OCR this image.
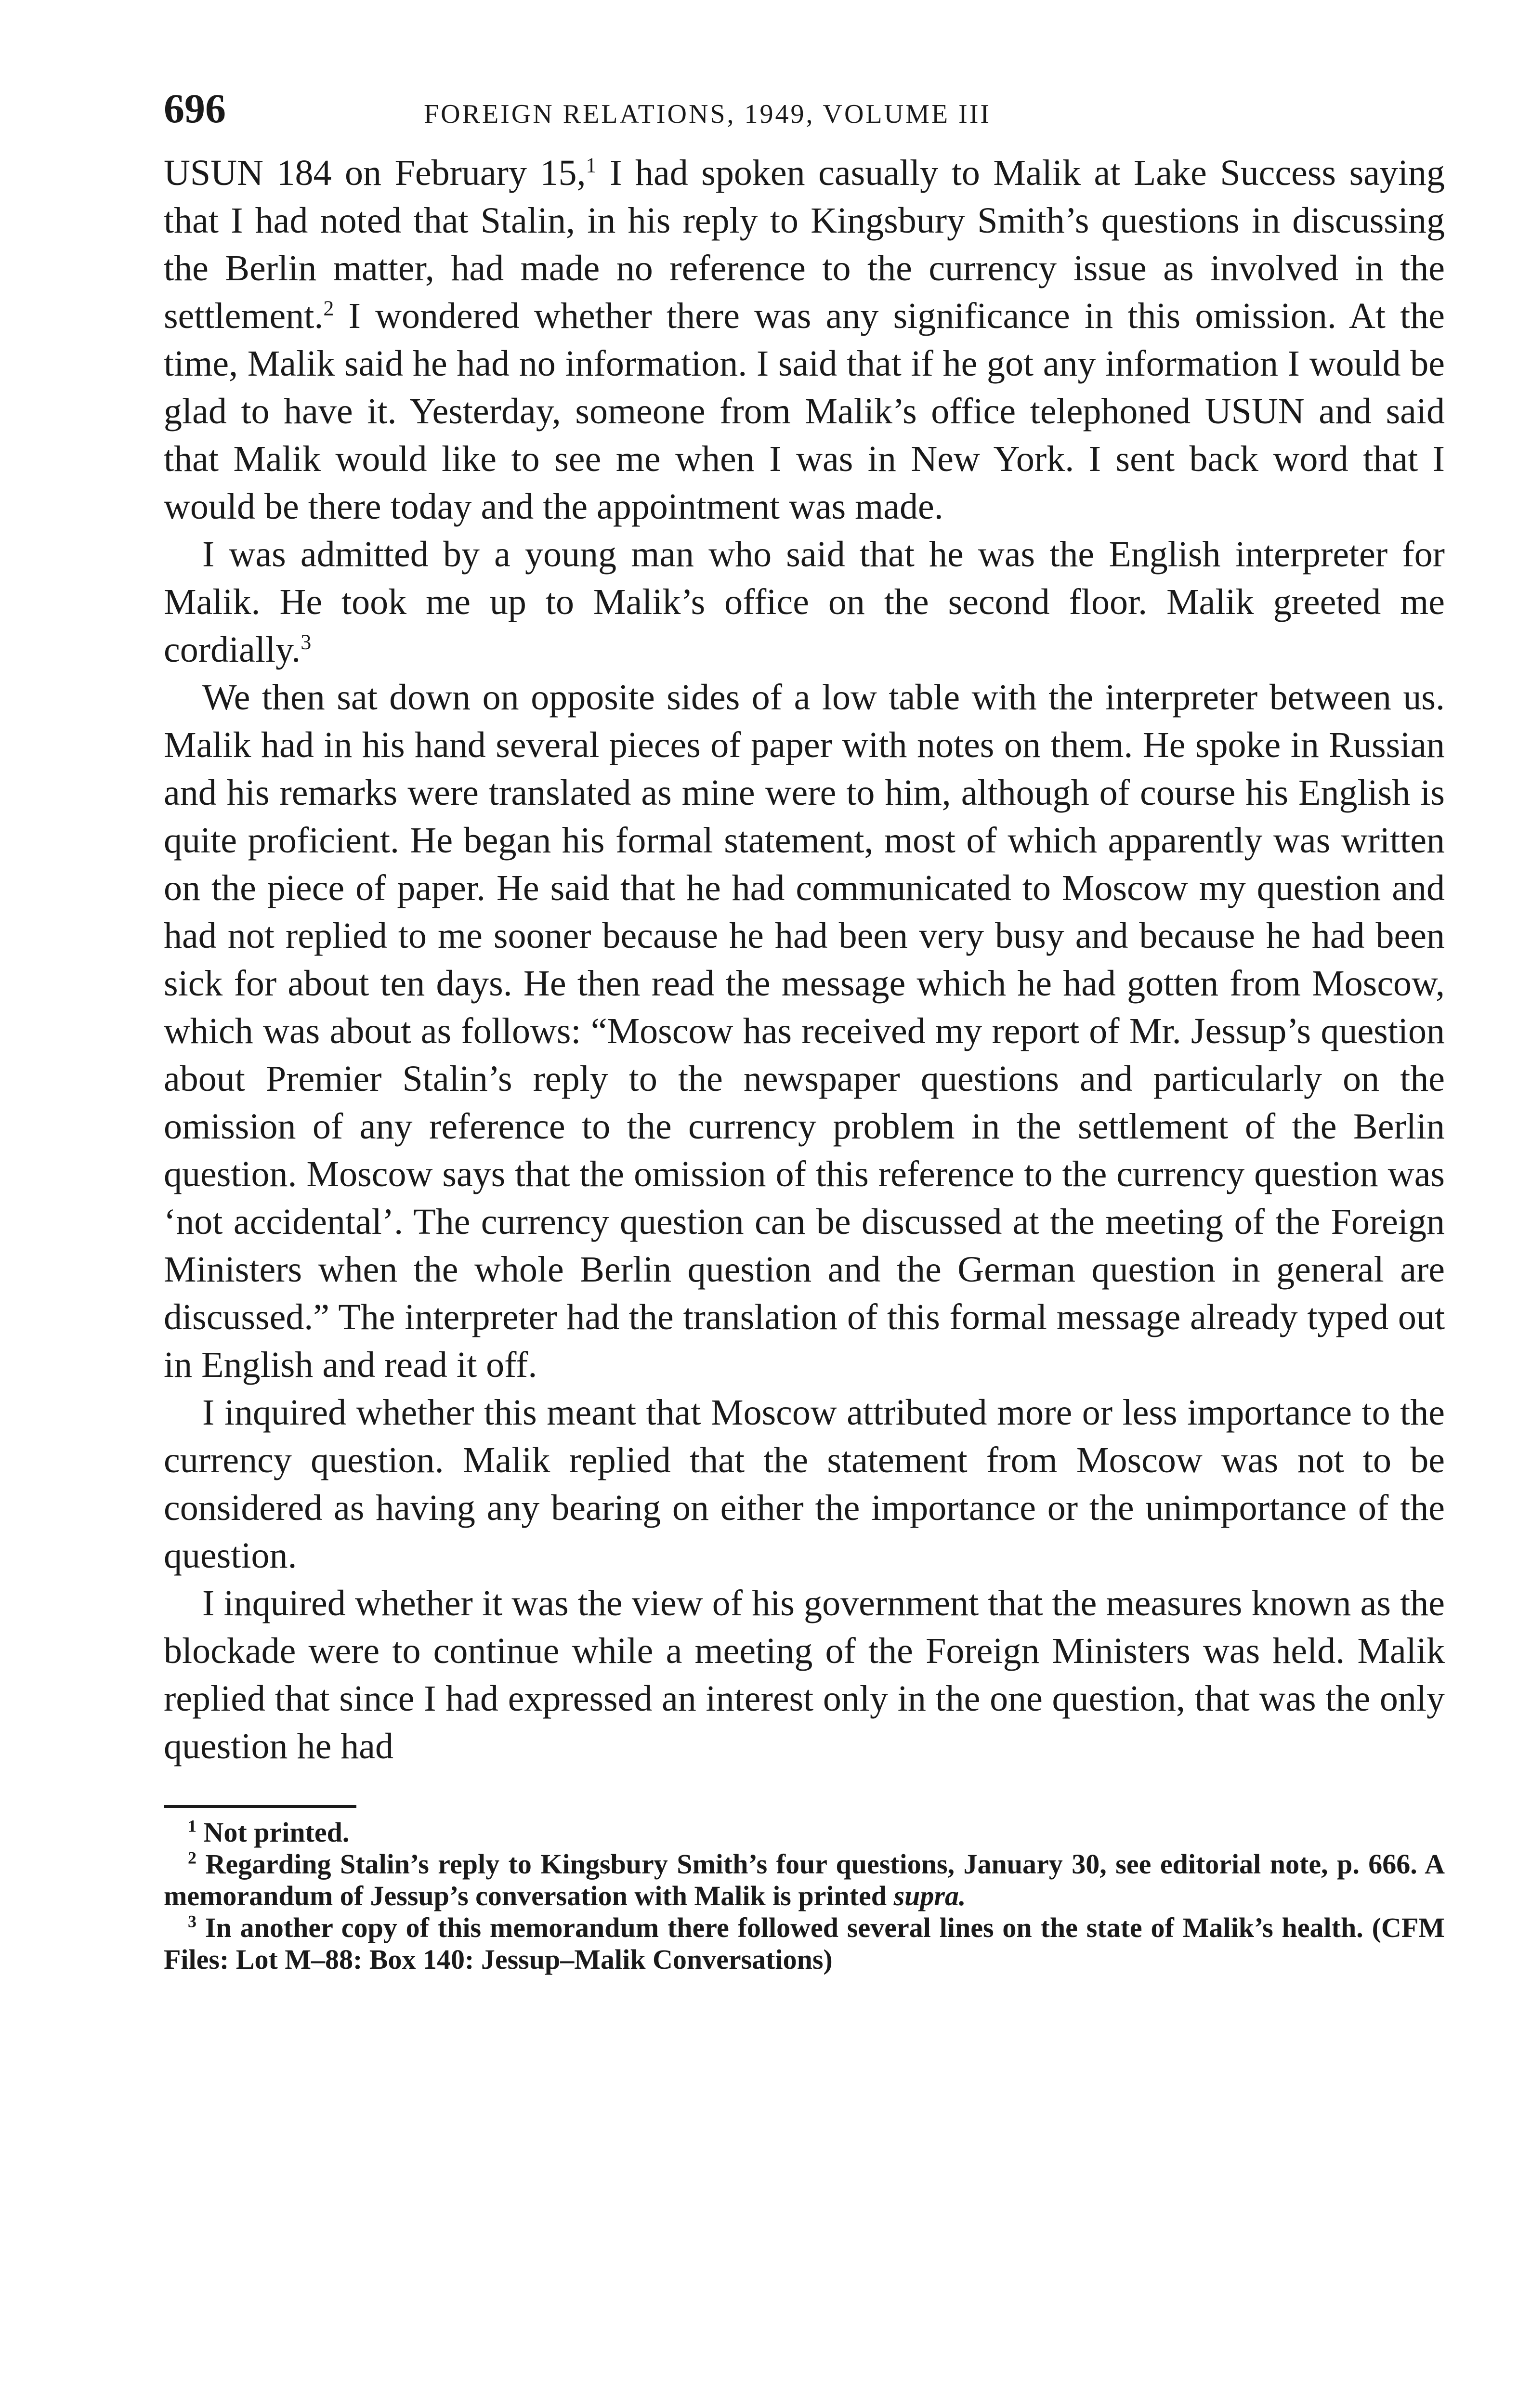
696	FOREIGN RELATIONS, 1949, VOLUME III

USUN 184 on February 15,$^1$ I had spoken casually to Malik at Lake Success saying that I had noted that Stalin, in his reply to Kingsbury Smith’s questions in discussing the Berlin matter, had made no reference to the currency issue as involved in the settlement.$^2$ I wondered whether there was any significance in this omission. At the time, Malik said he had no information. I said that if he got any information I would be glad to have it. Yesterday, someone from Malik’s office telephoned USUN and said that Malik would like to see me when I was in New York. I sent back word that I would be there today and the appointment was made.

I was admitted by a young man who said that he was the English interpreter for Malik. He took me up to Malik’s office on the second floor. Malik greeted me cordially.$^3$

We then sat down on opposite sides of a low table with the interpreter between us. Malik had in his hand several pieces of paper with notes on them. He spoke in Russian and his remarks were translated as mine were to him, although of course his English is quite proficient. He began his formal statement, most of which apparently was written on the piece of paper. He said that he had communicated to Moscow my question and had not replied to me sooner because he had been very busy and because he had been sick for about ten days. He then read the message which he had gotten from Moscow, which was about as follows: “Moscow has received my report of Mr. Jessup’s question about Premier Stalin’s reply to the newspaper questions and particularly on the omission of any reference to the currency problem in the settlement of the Berlin question. Moscow says that the omission of this reference to the currency question was ‘not accidental’. The currency question can be discussed at the meeting of the Foreign Ministers when the whole Berlin question and the German question in general are discussed.” The interpreter had the translation of this formal message already typed out in English and read it off.

I inquired whether this meant that Moscow attributed more or less importance to the currency question. Malik replied that the statement from Moscow was not to be considered as having any bearing on either the importance or the unimportance of the question.

I inquired whether it was the view of his government that the measures known as the blockade were to continue while a meeting of the Foreign Ministers was held. Malik replied that since I had expressed an interest only in the one question, that was the only question he had

$^1$ Not printed.

$^2$ Regarding Stalin’s reply to Kingsbury Smith’s four questions, January 30, see editorial note, p. 666. A memorandum of Jessup’s conversation with Malik is printed supra.

$^3$ In another copy of this memorandum there followed several lines on the state of Malik’s health. (CFM Files: Lot M–88: Box 140: Jessup–Malik Conversations)
